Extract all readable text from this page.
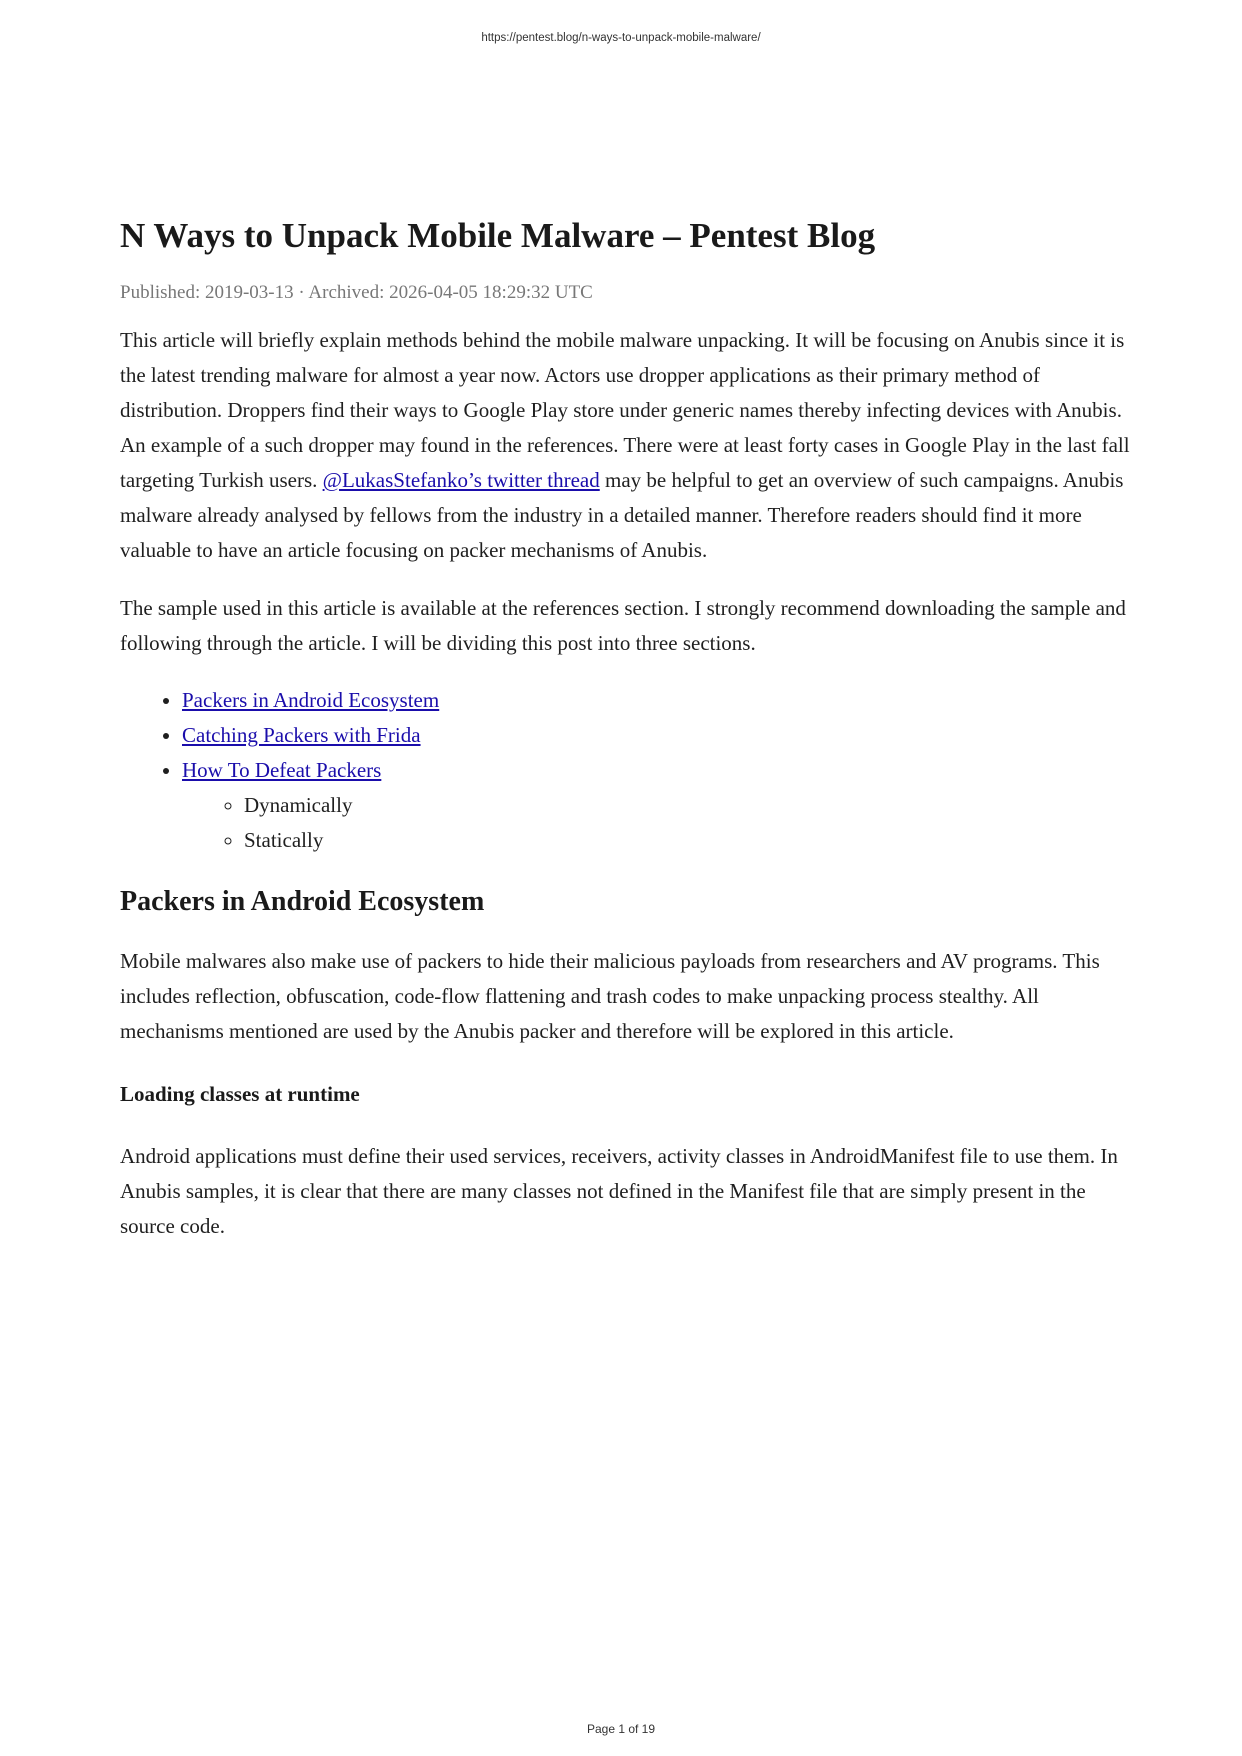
https://pentest.blog/n-ways-to-unpack-mobile-malware/
N Ways to Unpack Mobile Malware – Pentest Blog
Published: 2019-03-13 · Archived: 2026-04-05 18:29:32 UTC

This article will briefly explain methods behind the mobile malware unpacking. It will be focusing on Anubis since it is the latest trending malware for almost a year now. Actors use dropper applications as their primary method of distribution. Droppers find their ways to Google Play store under generic names thereby infecting devices with Anubis. An example of a such dropper may found in the references. There were at least forty cases in Google Play in the last fall targeting Turkish users. @LukasStefanko’s twitter thread may be helpful to get an overview of such campaigns. Anubis malware already analysed by fellows from the industry in a detailed manner. Therefore readers should find it more valuable to have an article focusing on packer mechanisms of Anubis.

The sample used in this article is available at the references section. I strongly recommend downloading the sample and following through the article. I will be dividing this post into three sections.

• Packers in Android Ecosystem
• Catching Packers with Frida
• How To Defeat Packers
◦ Dynamically
◦ Statically
Packers in Android Ecosystem

Mobile malwares also make use of packers to hide their malicious payloads from researchers and AV programs. This includes reflection, obfuscation, code-flow flattening and trash codes to make unpacking process stealthy. All mechanisms mentioned are used by the Anubis packer and therefore will be explored in this article.

Loading classes at runtime

Android applications must define their used services, receivers, activity classes in AndroidManifest file to use them. In Anubis samples, it is clear that there are many classes not defined in the Manifest file that are simply present in the source code.

Page 1 of 19
